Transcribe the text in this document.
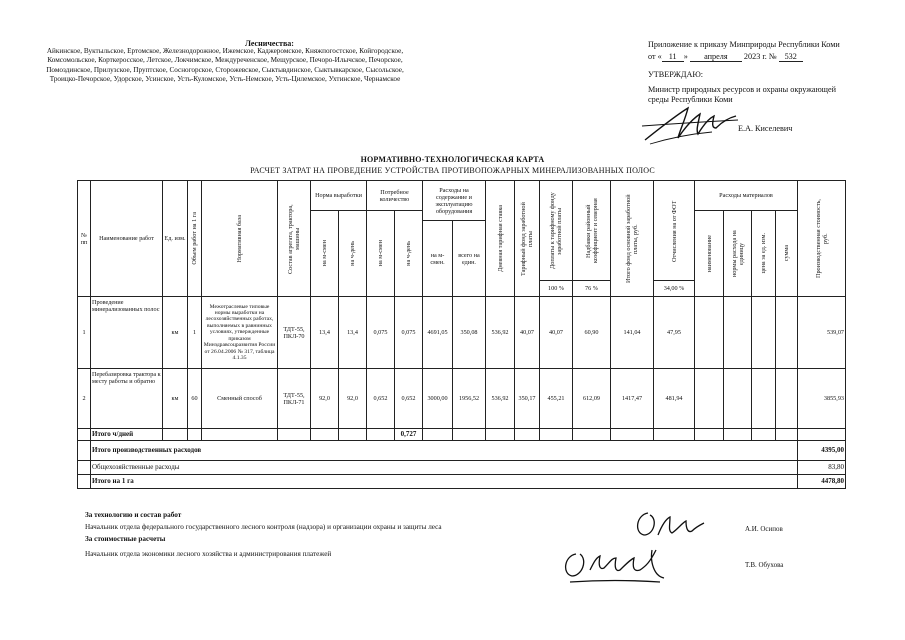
Лесничества:
Айкинское, Вуктыльское, Ертомское, Железнодорожное, Ижемское, Каджеромское, Княжпогостское, Койгородское, Комсомольское, Корткеросское, Летское, Локчимское, Междуреченское, Мещурское, Печоро-Илычское, Печорское, Помоздинское, Прилузское, Пруптское, Сосногорское, Сторожевское, Сыктывдинское, Сыктывкарское, Сысольское, Троицко-Печорское, Удорское, Усинское, Усть-Куломское, Усть-Немское, Усть-Цилемское, Ухтинское, Чернамское
Приложение к приказу Минприроды Республики Коми
от « 11 » апреля 2023 г. № 532
УТВЕРЖДАЮ:
Министр природных ресурсов и охраны окружающей среды Республики Коми
Е.А. Киселевич
НОРМАТИВНО-ТЕХНОЛОГИЧЕСКАЯ КАРТА
РАСЧЕТ ЗАТРАТ НА ПРОВЕДЕНИЕ УСТРОЙСТВА ПРОТИВОПОЖАРНЫХ МИНЕРАЛИЗОВАННЫХ ПОЛОС
№ пп	Наименование работ	Ед. изм.	Объем работ на 1 га	Нормативная база	Состав агрегата, трактора, машины	Норма выработки		Потребное количество		Расходы на содержание и эксплуатацию оборудования		Дневная тарифная ставка	Тарифный фонд заработной платы	Доплаты к тарифному фонду заработной платы	Надбавки районный коэффициент и северная	Итого фонд основной заработной платы, руб.	Отчисления на от ФОТ	Расходы материалов				Производственная стоимость, руб.

						на м-смен	на ч-день	на м-смен	на ч-день									наименование	нормы расхода на единицу	цена за ед. изм.	сумма	

										на м-смен.	всего на един.											
														100 %	76 %		34,00 %					
1	Проведение минерализованных полос	км	1	Межотраслевые типовые нормы выработки на лесохозяйственных работах, выполняемых в равнинных условиях, утвержденные приказом Минздравсоцразвития России от 26.04.2006 № 317, таблица 4.1.35	ТДТ-55, ПКЛ-70	13,4	13,4	0,075	0,075	4691,05	350,08	536,92	40,07	40,07	60,90	141,04	47,95					539,07
2	Перебазировка трактора к месту работы и обратно	км	60	Сменный способ	ТДТ-55, ПКЛ-71	92,0	92,0	0,652	0,652	3000,00	1956,52	536,92	350,17	455,21	612,09	1417,47	481,94					3855,93
	Итого ч/дней								0,727													
	Итого производственных расходов																					4395,00
	Общехозяйственные расходы																					83,80
	Итого на 1 га																					4478,80
За технологию и состав работ
Начальник отдела федерального государственного лесного контроля (надзора) и организации охраны и защиты леса
За стоимостные расчеты
Начальник отдела экономики лесного хозяйства и администрирования платежей
А.И. Осипов
Т.В. Обухова
